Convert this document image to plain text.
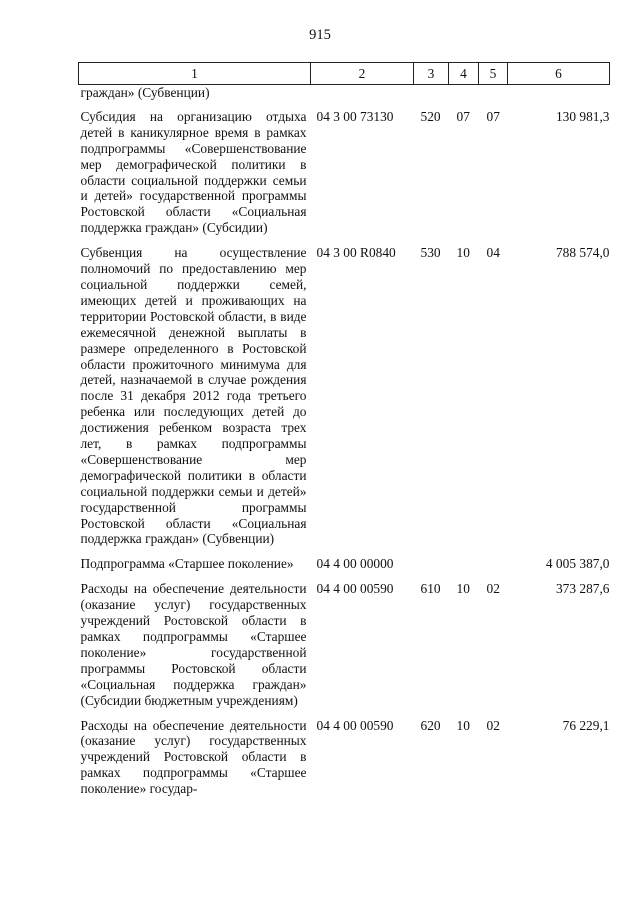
915
1	2	3	4	5	6
граждан» (Субвенции)					
Субсидия на организацию отдыха детей в каникулярное время в рамках подпрограммы «Совершенствование мер демографической политики в области социальной поддержки семьи и детей» государственной программы Ростовской области «Социальная поддержка граждан» (Субсидии)	04 3 00 73130	520	07	07	130 981,3
Субвенция на осуществление полномочий по предоставлению мер социальной поддержки семей, имеющих детей и проживающих на территории Ростовской области, в виде ежемесячной денежной выплаты в размере определенного в Ростовской области прожиточного минимума для детей, назначаемой в случае рождения после 31 декабря 2012 года третьего ребенка или последующих детей до достижения ребенком возраста трех лет, в рамках подпрограммы «Совершенствование мер демографической политики в области социальной поддержки семьи и детей» государственной программы Ростовской области «Социальная поддержка граждан» (Субвенции)	04 3 00 R0840	530	10	04	788 574,0
Подпрограмма «Старшее поколение»	04 4 00 00000				4 005 387,0
Расходы на обеспечение деятельности (оказание услуг) государственных учреждений Ростовской области в рамках подпрограммы «Старшее поколение» государственной программы Ростовской области «Социальная поддержка граждан» (Субсидии бюджетным учреждениям)	04 4 00 00590	610	10	02	373 287,6
Расходы на обеспечение деятельности (оказание услуг) государственных учреждений Ростовской области в рамках подпрограммы «Старшее поколение» государ-	04 4 00 00590	620	10	02	76 229,1
